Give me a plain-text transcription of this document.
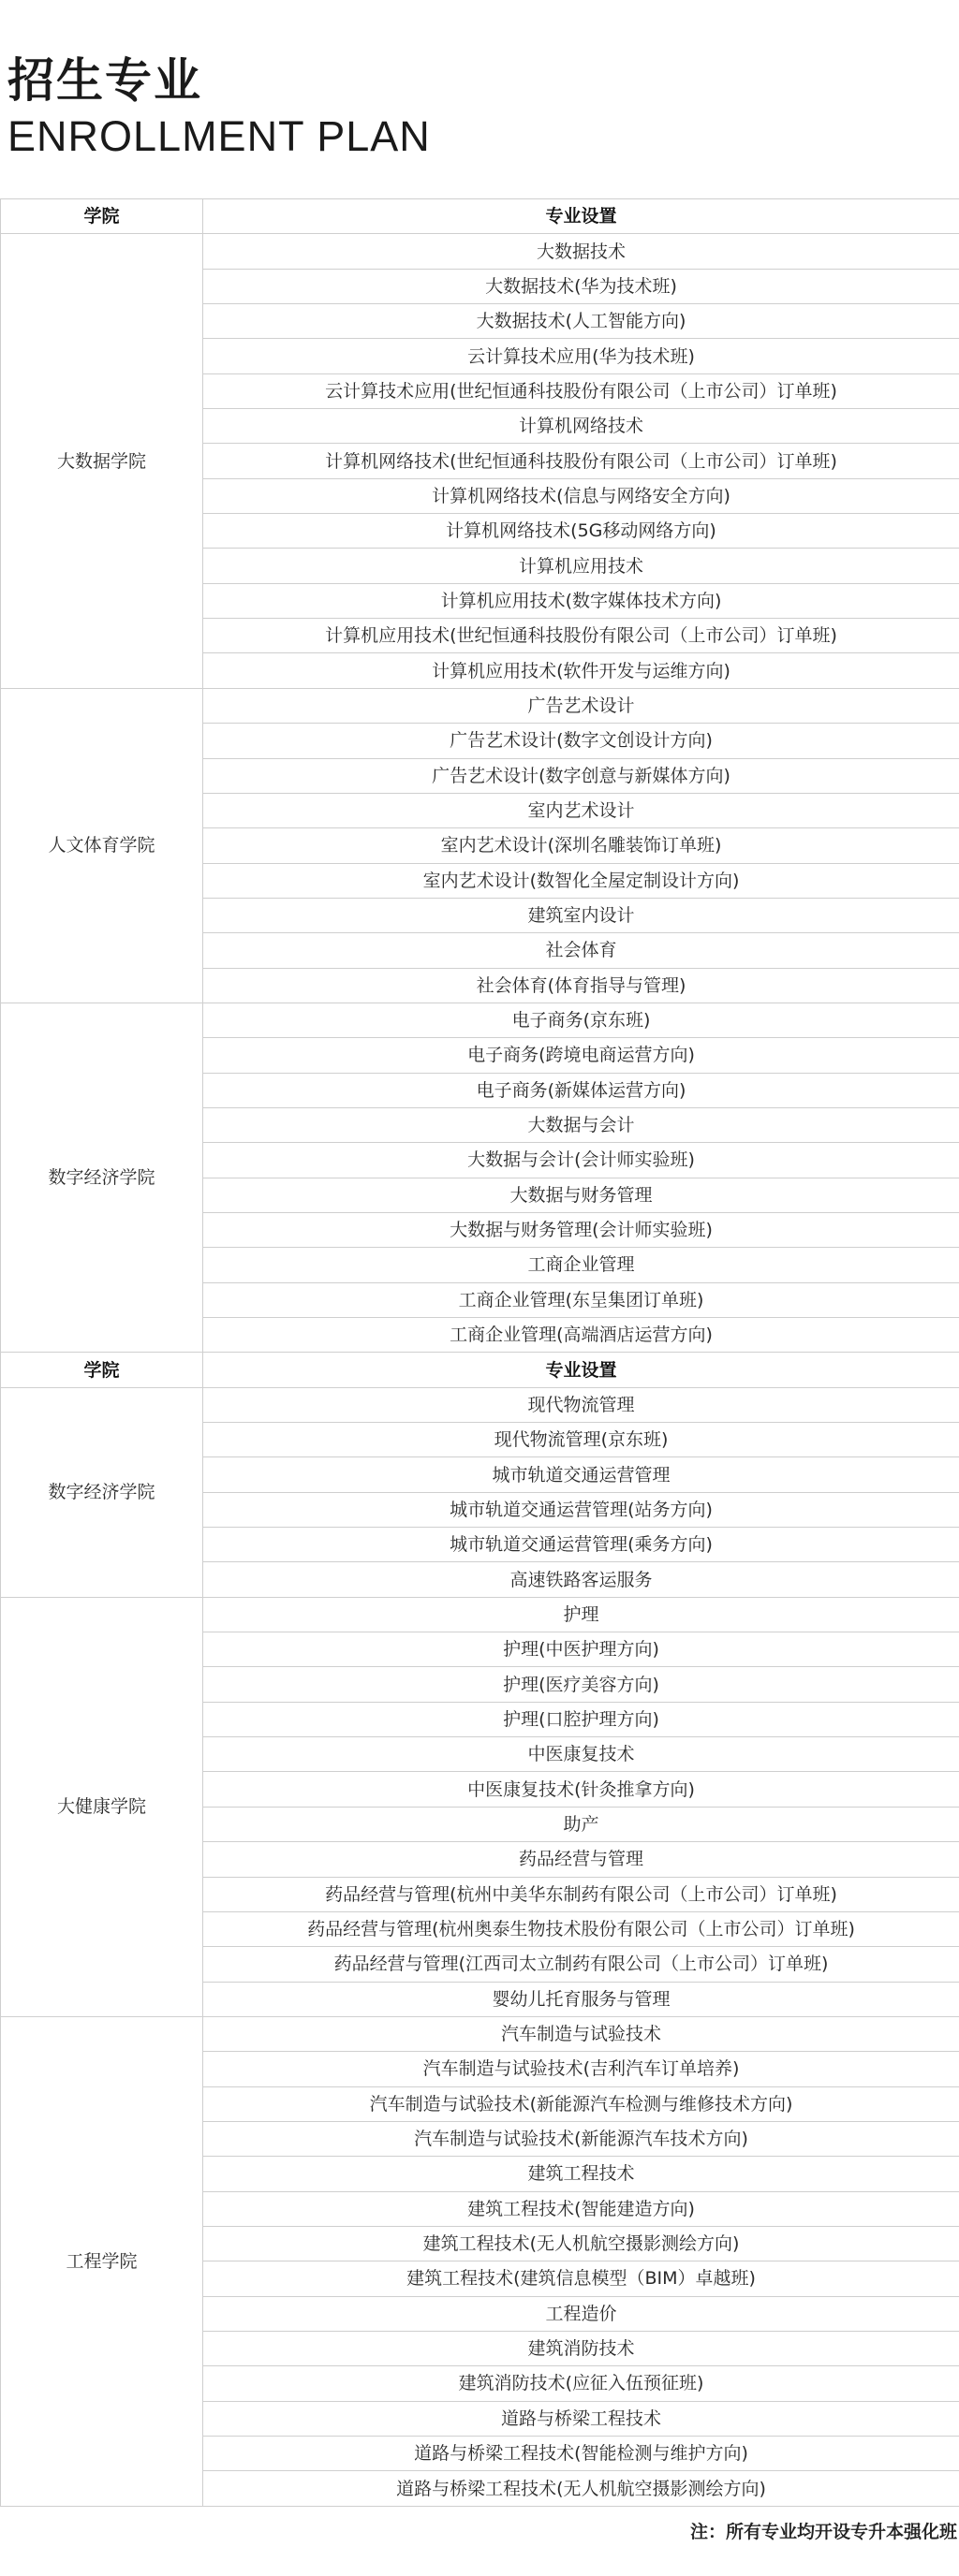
招生专业
ENROLLMENT PLAN
学院	专业设置
大数据学院	大数据技术
	大数据技术(华为技术班)
	大数据技术(人工智能方向)
	云计算技术应用(华为技术班)
	云计算技术应用(世纪恒通科技股份有限公司（上市公司）订单班)
	计算机网络技术
	计算机网络技术(世纪恒通科技股份有限公司（上市公司）订单班)
	计算机网络技术(信息与网络安全方向)
	计算机网络技术(5G移动网络方向)
	计算机应用技术
	计算机应用技术(数字媒体技术方向)
	计算机应用技术(世纪恒通科技股份有限公司（上市公司）订单班)
	计算机应用技术(软件开发与运维方向)
人文体育学院	广告艺术设计
	广告艺术设计(数字文创设计方向)
	广告艺术设计(数字创意与新媒体方向)
	室内艺术设计
	室内艺术设计(深圳名雕装饰订单班)
	室内艺术设计(数智化全屋定制设计方向)
	建筑室内设计
	社会体育
	社会体育(体育指导与管理)
数字经济学院	电子商务(京东班)
	电子商务(跨境电商运营方向)
	电子商务(新媒体运营方向)
	大数据与会计
	大数据与会计(会计师实验班)
	大数据与财务管理
	大数据与财务管理(会计师实验班)
	工商企业管理
	工商企业管理(东呈集团订单班)
	工商企业管理(高端酒店运营方向)
学院	专业设置
数字经济学院	现代物流管理
	现代物流管理(京东班)
	城市轨道交通运营管理
	城市轨道交通运营管理(站务方向)
	城市轨道交通运营管理(乘务方向)
	高速铁路客运服务
大健康学院	护理
	护理(中医护理方向)
	护理(医疗美容方向)
	护理(口腔护理方向)
	中医康复技术
	中医康复技术(针灸推拿方向)
	助产
	药品经营与管理
	药品经营与管理(杭州中美华东制药有限公司（上市公司）订单班)
	药品经营与管理(杭州奥泰生物技术股份有限公司（上市公司）订单班)
	药品经营与管理(江西司太立制药有限公司（上市公司）订单班)
	婴幼儿托育服务与管理
工程学院	汽车制造与试验技术
	汽车制造与试验技术(吉利汽车订单培养)
	汽车制造与试验技术(新能源汽车检测与维修技术方向)
	汽车制造与试验技术(新能源汽车技术方向)
	建筑工程技术
	建筑工程技术(智能建造方向)
	建筑工程技术(无人机航空摄影测绘方向)
	建筑工程技术(建筑信息模型（BIM）卓越班)
	工程造价
	建筑消防技术
	建筑消防技术(应征入伍预征班)
	道路与桥梁工程技术
	道路与桥梁工程技术(智能检测与维护方向)
	道路与桥梁工程技术(无人机航空摄影测绘方向)
注：所有专业均开设专升本强化班
